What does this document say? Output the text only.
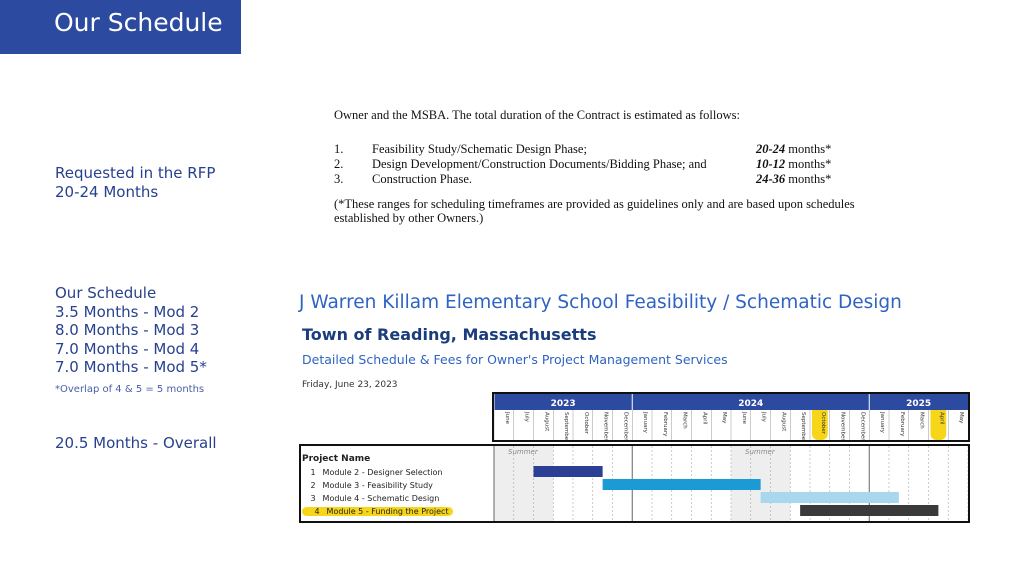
Our Schedule
Requested in the RFP
20-24 Months
Our Schedule
3.5 Months - Mod 2
8.0 Months - Mod 3
7.0 Months - Mod 4
7.0 Months - Mod 5*
*Overlap of 4 & 5 = 5 months
20.5 Months - Overall
Owner and the MSBA. The total duration of the Contract is estimated as follows:
1. Feasibility Study/Schematic Design Phase;	20-24 months*
2. Design Development/Construction Documents/Bidding Phase; and	10-12 months*
3. Construction Phase.	24-36 months*
(*These ranges for scheduling timeframes are provided as guidelines only and are based upon schedules
established by other Owners.)
J Warren Killam Elementary School Feasibility / Schematic Design
Town of Reading, Massachusetts
Detailed Schedule & Fees for Owner's Project Management Services
Friday, June 23, 2023
2023	2024	2025
June	July	August	September	October	November	December	January	February	March	April	May	June	July	August	September	October	November	December	January	February	March	April	May
Summer	Summer
Project Name
1 Module 2 - Designer Selection
2 Module 3 - Feasibility Study
3 Module 4 - Schematic Design
4 Module 5 - Funding the Project
